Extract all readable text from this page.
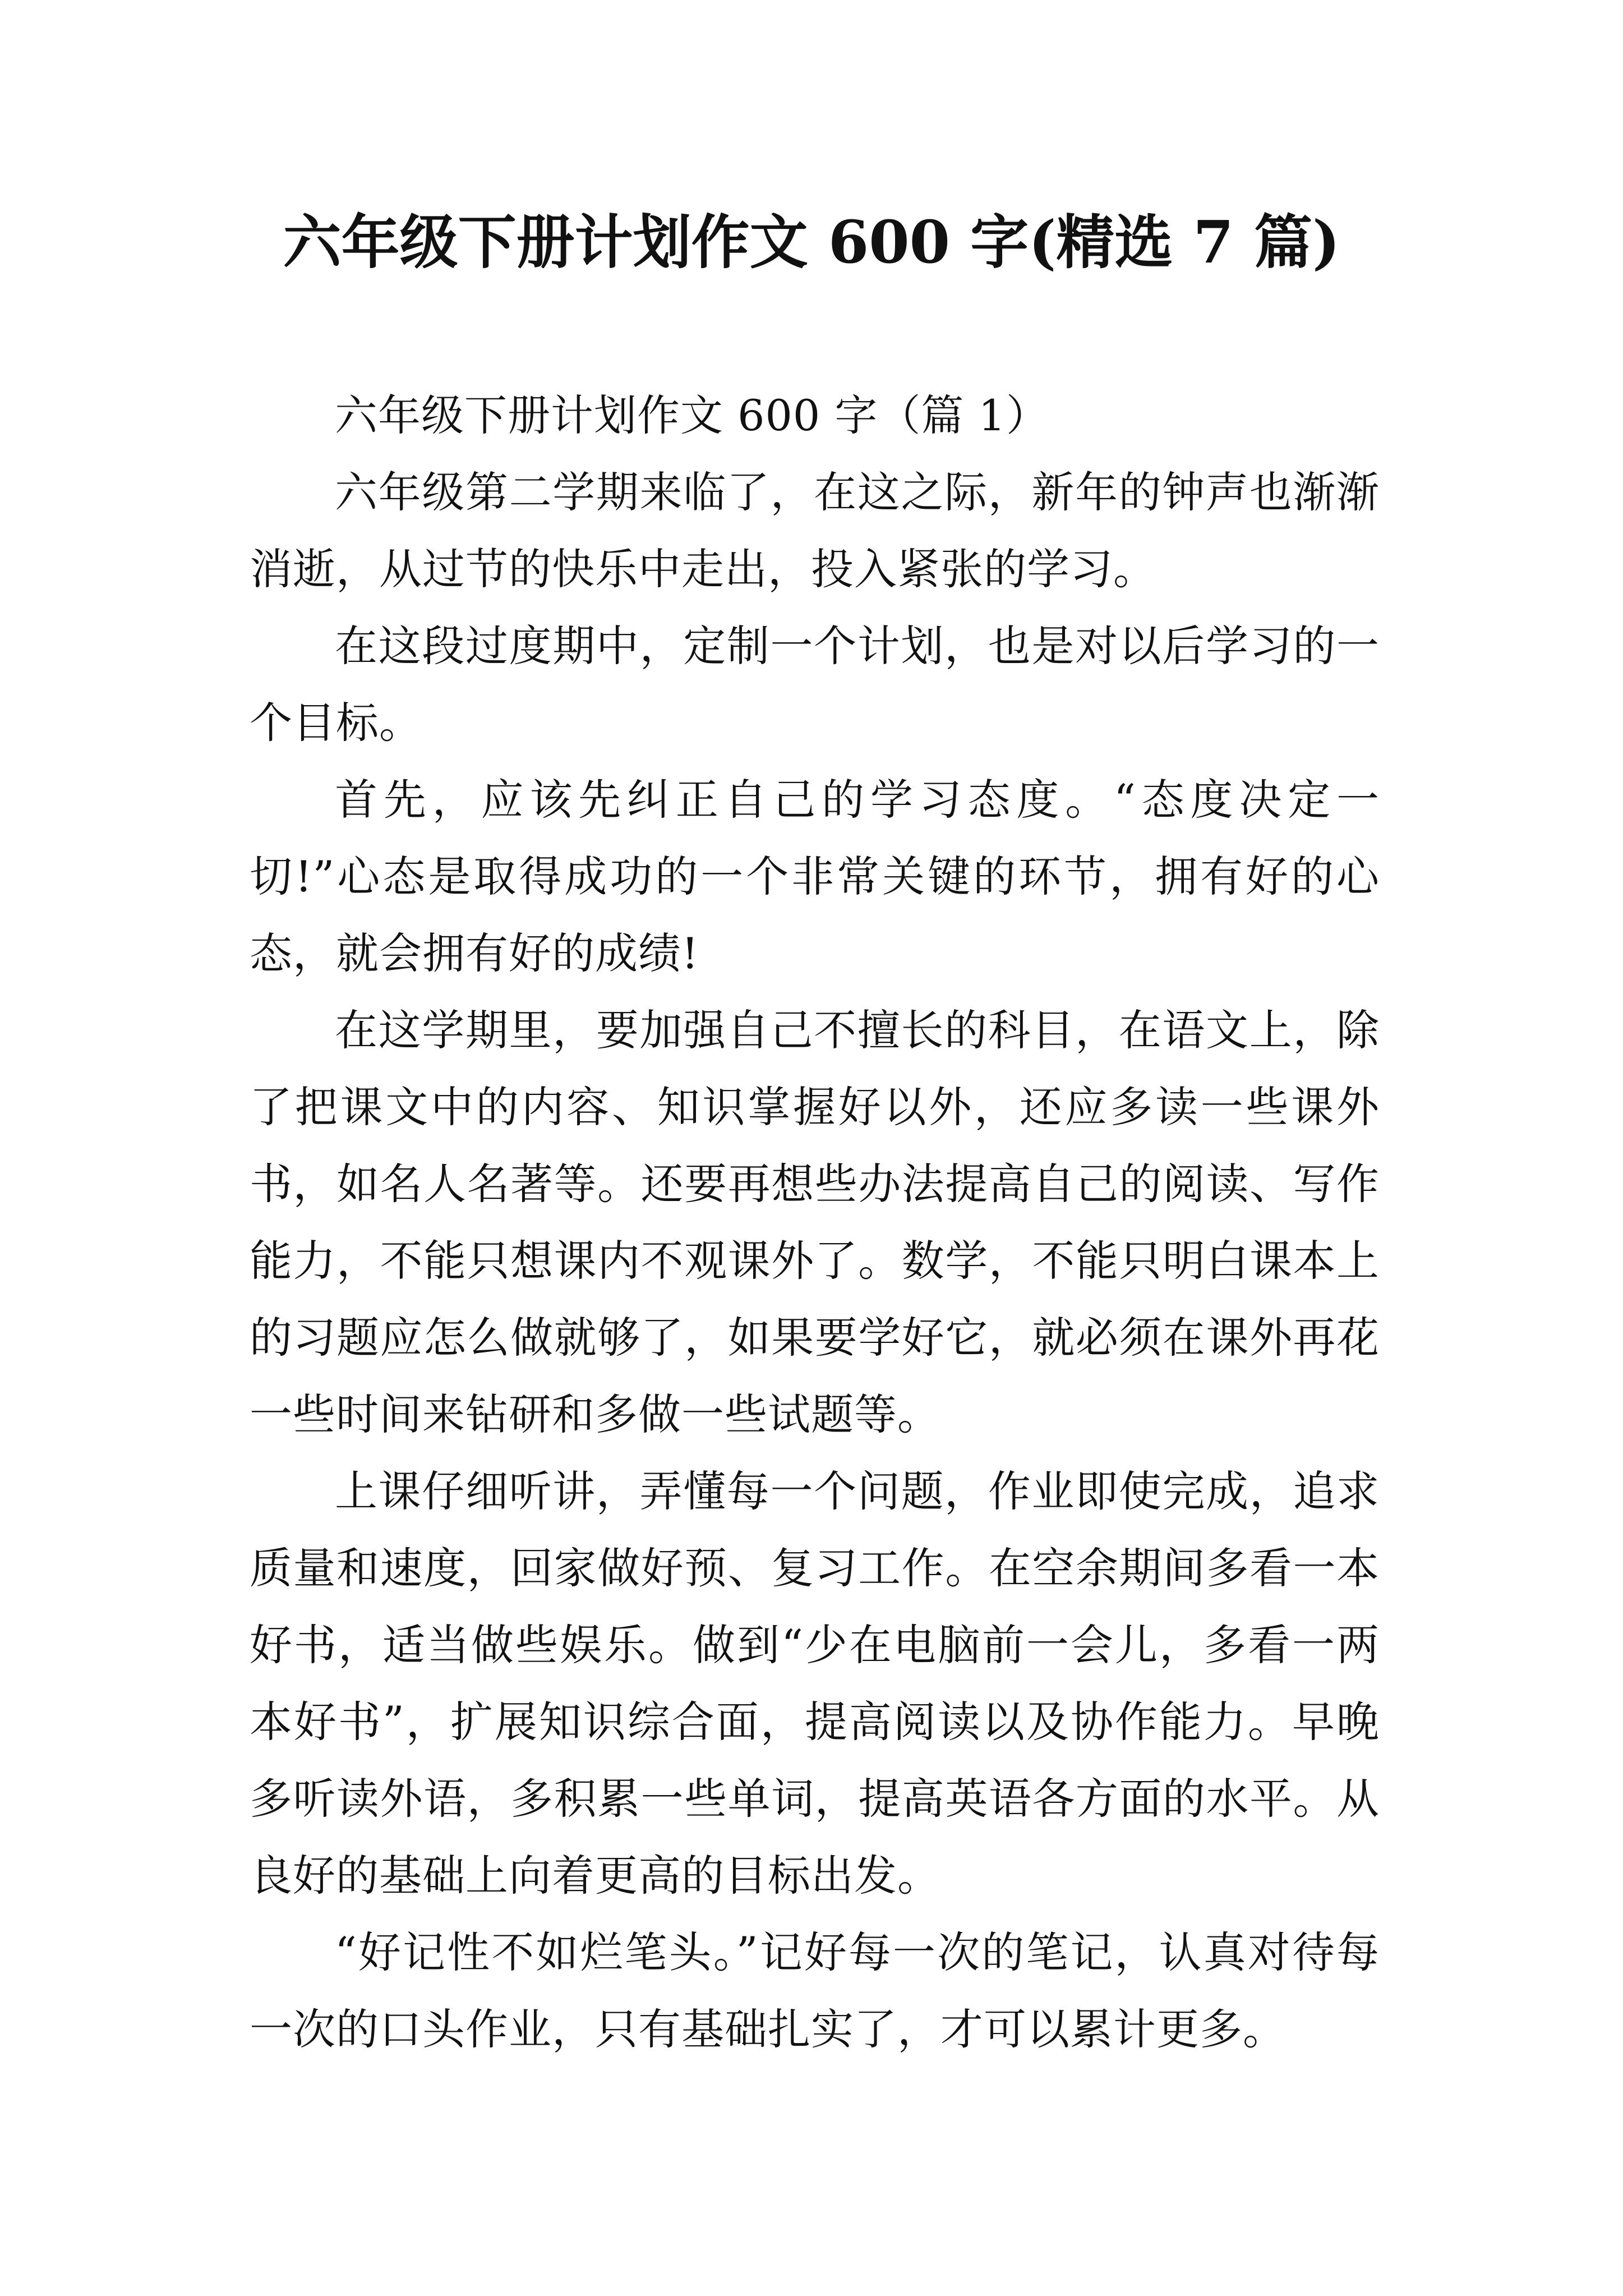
六年级下册计划作文 600 字(精选 7 篇)

六年级下册计划作文 600 字（篇 1）

六年级第二学期来临了，在这之际，新年的钟声也渐渐消逝，从过节的快乐中走出，投入紧张的学习。

在这段过度期中，定制一个计划，也是对以后学习的一个目标。

首先，应该先纠正自己的学习态度。“态度决定一切!”心态是取得成功的一个非常关键的环节，拥有好的心态，就会拥有好的成绩!

在这学期里，要加强自己不擅长的科目，在语文上，除了把课文中的内容、知识掌握好以外，还应多读一些课外书，如名人名著等。还要再想些办法提高自己的阅读、写作能力，不能只想课内不观课外了。数学，不能只明白课本上的习题应怎么做就够了，如果要学好它，就必须在课外再花一些时间来钻研和多做一些试题等。

上课仔细听讲，弄懂每一个问题，作业即使完成，追求质量和速度，回家做好预、复习工作。在空余期间多看一本好书，适当做些娱乐。做到“少在电脑前一会儿，多看一两本好书”，扩展知识综合面，提高阅读以及协作能力。早晚多听读外语，多积累一些单词，提高英语各方面的水平。从良好的基础上向着更高的目标出发。

“好记性不如烂笔头。”记好每一次的笔记，认真对待每一次的口头作业，只有基础扎实了，才可以累计更多。
